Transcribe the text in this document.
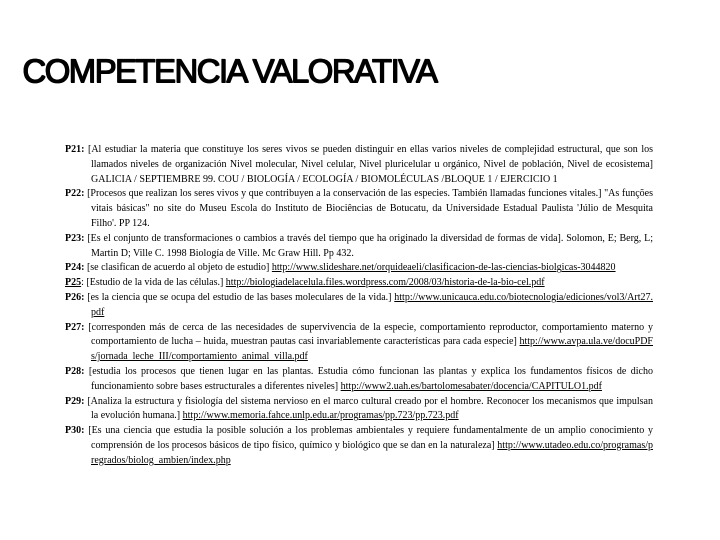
COMPETENCIA VALORATIVA
P21: [Al estudiar la materia que constituye los seres vivos se pueden distinguir en ellas varios niveles de complejidad estructural, que son los llamados niveles de organización Nivel molecular, Nivel celular, Nivel pluricelular u orgánico, Nivel de población, Nivel de ecosistema] GALICIA / SEPTIEMBRE 99. COU / BIOLOGÍA / ECOLOGÍA / BIOMOLÉCULAS /BLOQUE 1 / EJERCICIO 1
P22: [Procesos que realizan los seres vivos y que contribuyen a la conservación de las especies. También llamadas funciones vitales.] "As funções vitais básicas" no site do Museu Escola do Instituto de Biociências de Botucatu, da Universidade Estadual Paulista 'Júlio de Mesquita Filho'. PP 124.
P23: [Es el conjunto de transformaciones o cambios a través del tiempo que ha originado la diversidad de formas de vida]. Solomon, E; Berg, L; Martin D; Ville C. 1998 Biología de Ville. Mc Graw Hill. Pp 432.
P24: [se clasifican de acuerdo al objeto de estudio] http://www.slideshare.net/orquideaeli/clasificacion-de-las-ciencias-biolgicas-3044820
P25: [Estudio de la vida de las células.] http://biologiadelacelula.files.wordpress.com/2008/03/historia-de-la-bio-cel.pdf
P26: [es la ciencia que se ocupa del estudio de las bases moleculares de la vida.] http://www.unicauca.edu.co/biotecnologia/ediciones/vol3/Art27.pdf
P27: [corresponden más de cerca de las necesidades de supervivencia de la especie, comportamiento reproductor, comportamiento materno y comportamiento de lucha – huida, muestran pautas casi invariablemente características para cada especie] http://www.avpa.ula.ve/docuPDFs/jornada_leche_III/comportamiento_animal_villa.pdf
P28: [estudia los procesos que tienen lugar en las plantas. Estudia cómo funcionan las plantas y explica los fundamentos físicos de dicho funcionamiento sobre bases estructurales a diferentes niveles] http://www2.uah.es/bartolomesabater/docencia/CAPITULO1.pdf
P29: [Analiza la estructura y fisiología del sistema nervioso en el marco cultural creado por el hombre. Reconocer los mecanismos que impulsan la evolución humana.] http://www.memoria.fahce.unlp.edu.ar/programas/pp.723/pp.723.pdf
P30: [Es una ciencia que estudia la posible solución a los problemas ambientales y requiere fundamentalmente de un amplio conocimiento y comprensión de los procesos básicos de tipo físico, químico y biológico que se dan en la naturaleza] http://www.utadeo.edu.co/programas/pregrados/biolog_ambien/index.php
